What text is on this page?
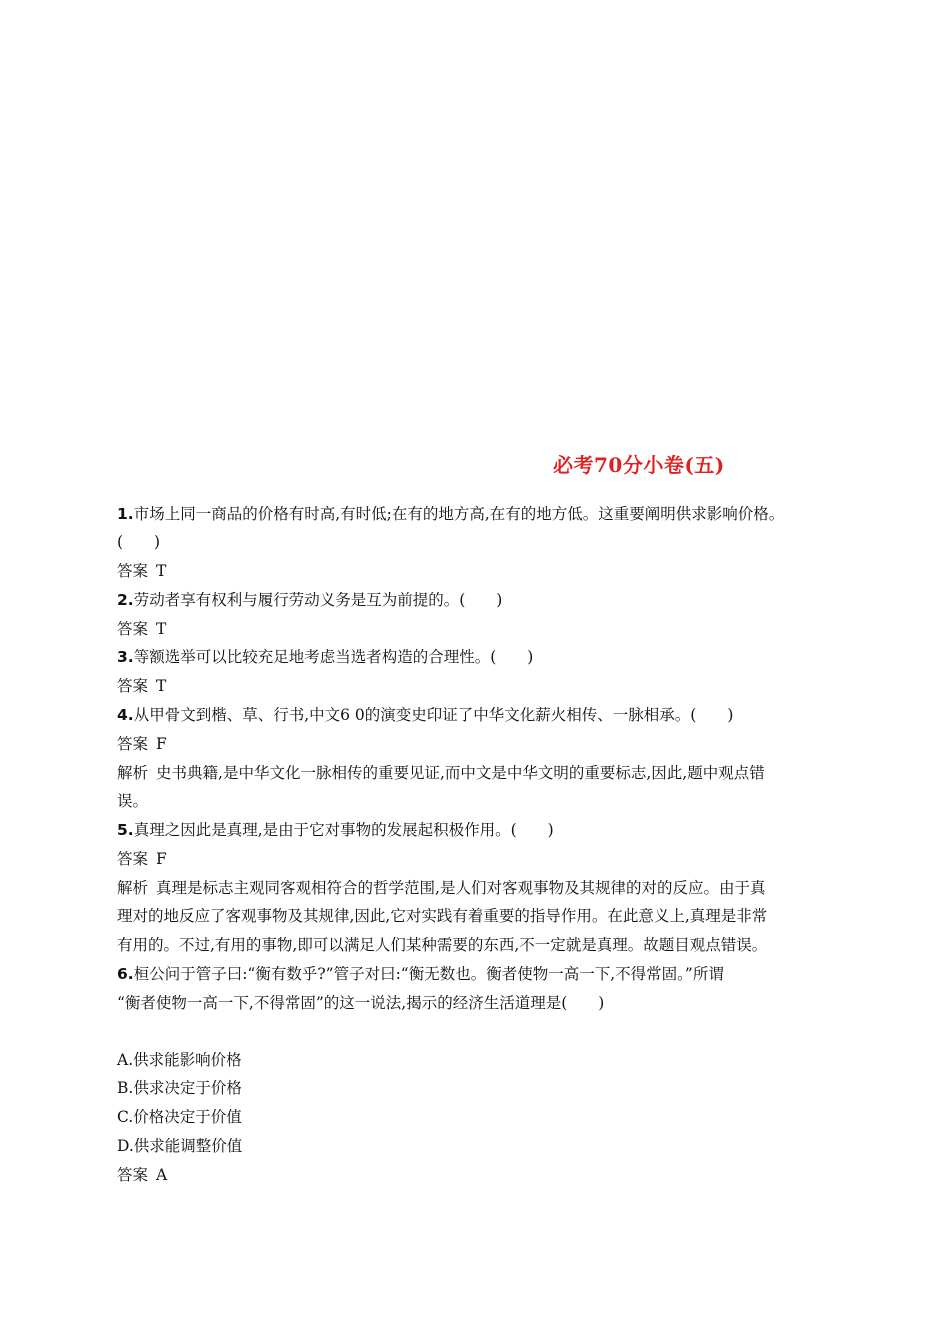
必考70分小卷(五)
1.市场上同一商品的价格有时高,有时低;在有的地方高,在有的地方低。这重要阐明供求影响价格。
(　　)
答案 T
2.劳动者享有权利与履行劳动义务是互为前提的。(　　)
答案 T
3.等额选举可以比较充足地考虑当选者构造的合理性。(　　)
答案 T
4.从甲骨文到楷、草、行书,中文6 0的演变史印证了中华文化薪火相传、一脉相承。(　　)
答案 F
解析 史书典籍,是中华文化一脉相传的重要见证,而中文是中华文明的重要标志,因此,题中观点错
误。
5.真理之因此是真理,是由于它对事物的发展起积极作用。(　　)
答案 F
解析 真理是标志主观同客观相符合的哲学范围,是人们对客观事物及其规律的对的反应。由于真
理对的地反应了客观事物及其规律,因此,它对实践有着重要的指导作用。在此意义上,真理是非常
有用的。不过,有用的事物,即可以满足人们某种需要的东西,不一定就是真理。故题目观点错误。
6.桓公问于管子曰:“衡有数乎?”管子对曰:“衡无数也。衡者使物一高一下,不得常固。”所谓
“衡者使物一高一下,不得常固”的这一说法,揭示的经济生活道理是(　　)
A.供求能影响价格
B.供求决定于价格
C.价格决定于价值
D.供求能调整价值
答案 A
